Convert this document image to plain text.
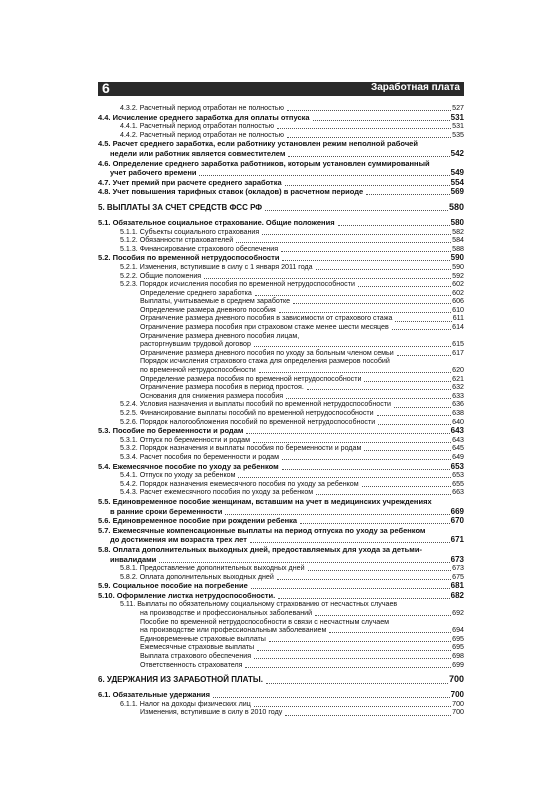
6	Заработная плата
4.3.2. Расчетный период отработан не полностью	527
4.4. Исчисление среднего заработка для оплаты отпуска	531
4.4.1. Расчетный период отработан полностью	531
4.4.2. Расчетный период отработан не полностью	535
4.5. Расчет среднего заработка, если работнику установлен режим неполной рабочей
недели или работник является совместителем	542
4.6. Определение среднего заработка работников, которым установлен суммированный
учет рабочего времени	549
4.7. Учет премий при расчете среднего заработка	554
4.8. Учет повышения тарифных ставок (окладов) в расчетном периоде	569
5. ВЫПЛАТЫ ЗА СЧЕТ СРЕДСТВ ФСС РФ	580
5.1. Обязательное социальное страхование. Общие положения	580
5.1.1. Субъекты социального страхования	582
5.1.2. Обязанности страхователей	584
5.1.3. Финансирование страхового обеспечения	588
5.2. Пособия по временной нетрудоспособности	590
5.2.1. Изменения, вступившие в силу с 1 января 2011 года	590
5.2.2. Общие положения	592
5.2.3. Порядок исчисления пособия по временной нетрудоспособности	602
Определение среднего заработка	602
Выплаты, учитываемые в среднем заработке	606
Определение размера дневного пособия	610
Ограничение размера дневного пособия в зависимости от страхового стажа	611
Ограничение размера пособия при страховом стаже менее шести месяцев	614
Ограничение размера дневного пособия лицам,
расторгнувшим трудовой договор	615
Ограничение размера дневного пособия по уходу за больным членом семьи	617
Порядок исчисления страхового стажа для определения размеров пособий
по временной нетрудоспособности	620
Определение размера пособия по временной нетрудоспособности	621
Ограничение размера пособия в период простоя.	632
Основания для снижения размера пособия	633
5.2.4. Условия назначения и выплаты пособий по временной нетрудоспособности	636
5.2.5. Финансирование выплаты пособий по временной нетрудоспособности	638
5.2.6. Порядок налогообложения пособий по временной нетрудоспособности	640
5.3. Пособие по беременности и родам	643
5.3.1. Отпуск по беременности и родам	643
5.3.2. Порядок назначения и выплаты пособия по беременности и родам	645
5.3.4. Расчет пособия по беременности и родам	649
5.4. Ежемесячное пособие по уходу за ребенком	653
5.4.1. Отпуск по уходу за ребенком	653
5.4.2. Порядок назначения ежемесячного пособия по уходу за ребенком	655
5.4.3. Расчет ежемесячного пособия по уходу за ребенком	663
5.5. Единовременное пособие женщинам, вставшим на учет в медицинских учреждениях
в ранние сроки беременности	669
5.6. Единовременное пособие при рождении ребенка	670
5.7. Ежемесячные компенсационные выплаты на период отпуска по уходу за ребенком
до достижения им возраста трех лет	671
5.8. Оплата дополнительных выходных дней, предоставляемых для ухода за детьми-
инвалидами	673
5.8.1. Предоставление дополнительных выходных дней	673
5.8.2. Оплата дополнительных выходных дней	675
5.9. Социальное пособие на погребение	681
5.10. Оформление листка нетрудоспособности.	682
5.11. Выплаты по обязательному социальному страхованию от несчастных случаев
на производстве и профессиональных заболеваний	692
Пособие по временной нетрудоспособности в связи с несчастным случаем
на производстве или профессиональным заболеванием	694
Единовременные страховые выплаты	695
Ежемесячные страховые выплаты	695
Выплата страхового обеспечения	698
Ответственность страхователя	699
6. УДЕРЖАНИЯ ИЗ ЗАРАБОТНОЙ ПЛАТЫ.	700
6.1. Обязательные удержания	700
6.1.1. Налог на доходы физических лиц	700
Изменения, вступившие в силу в 2010 году	700
